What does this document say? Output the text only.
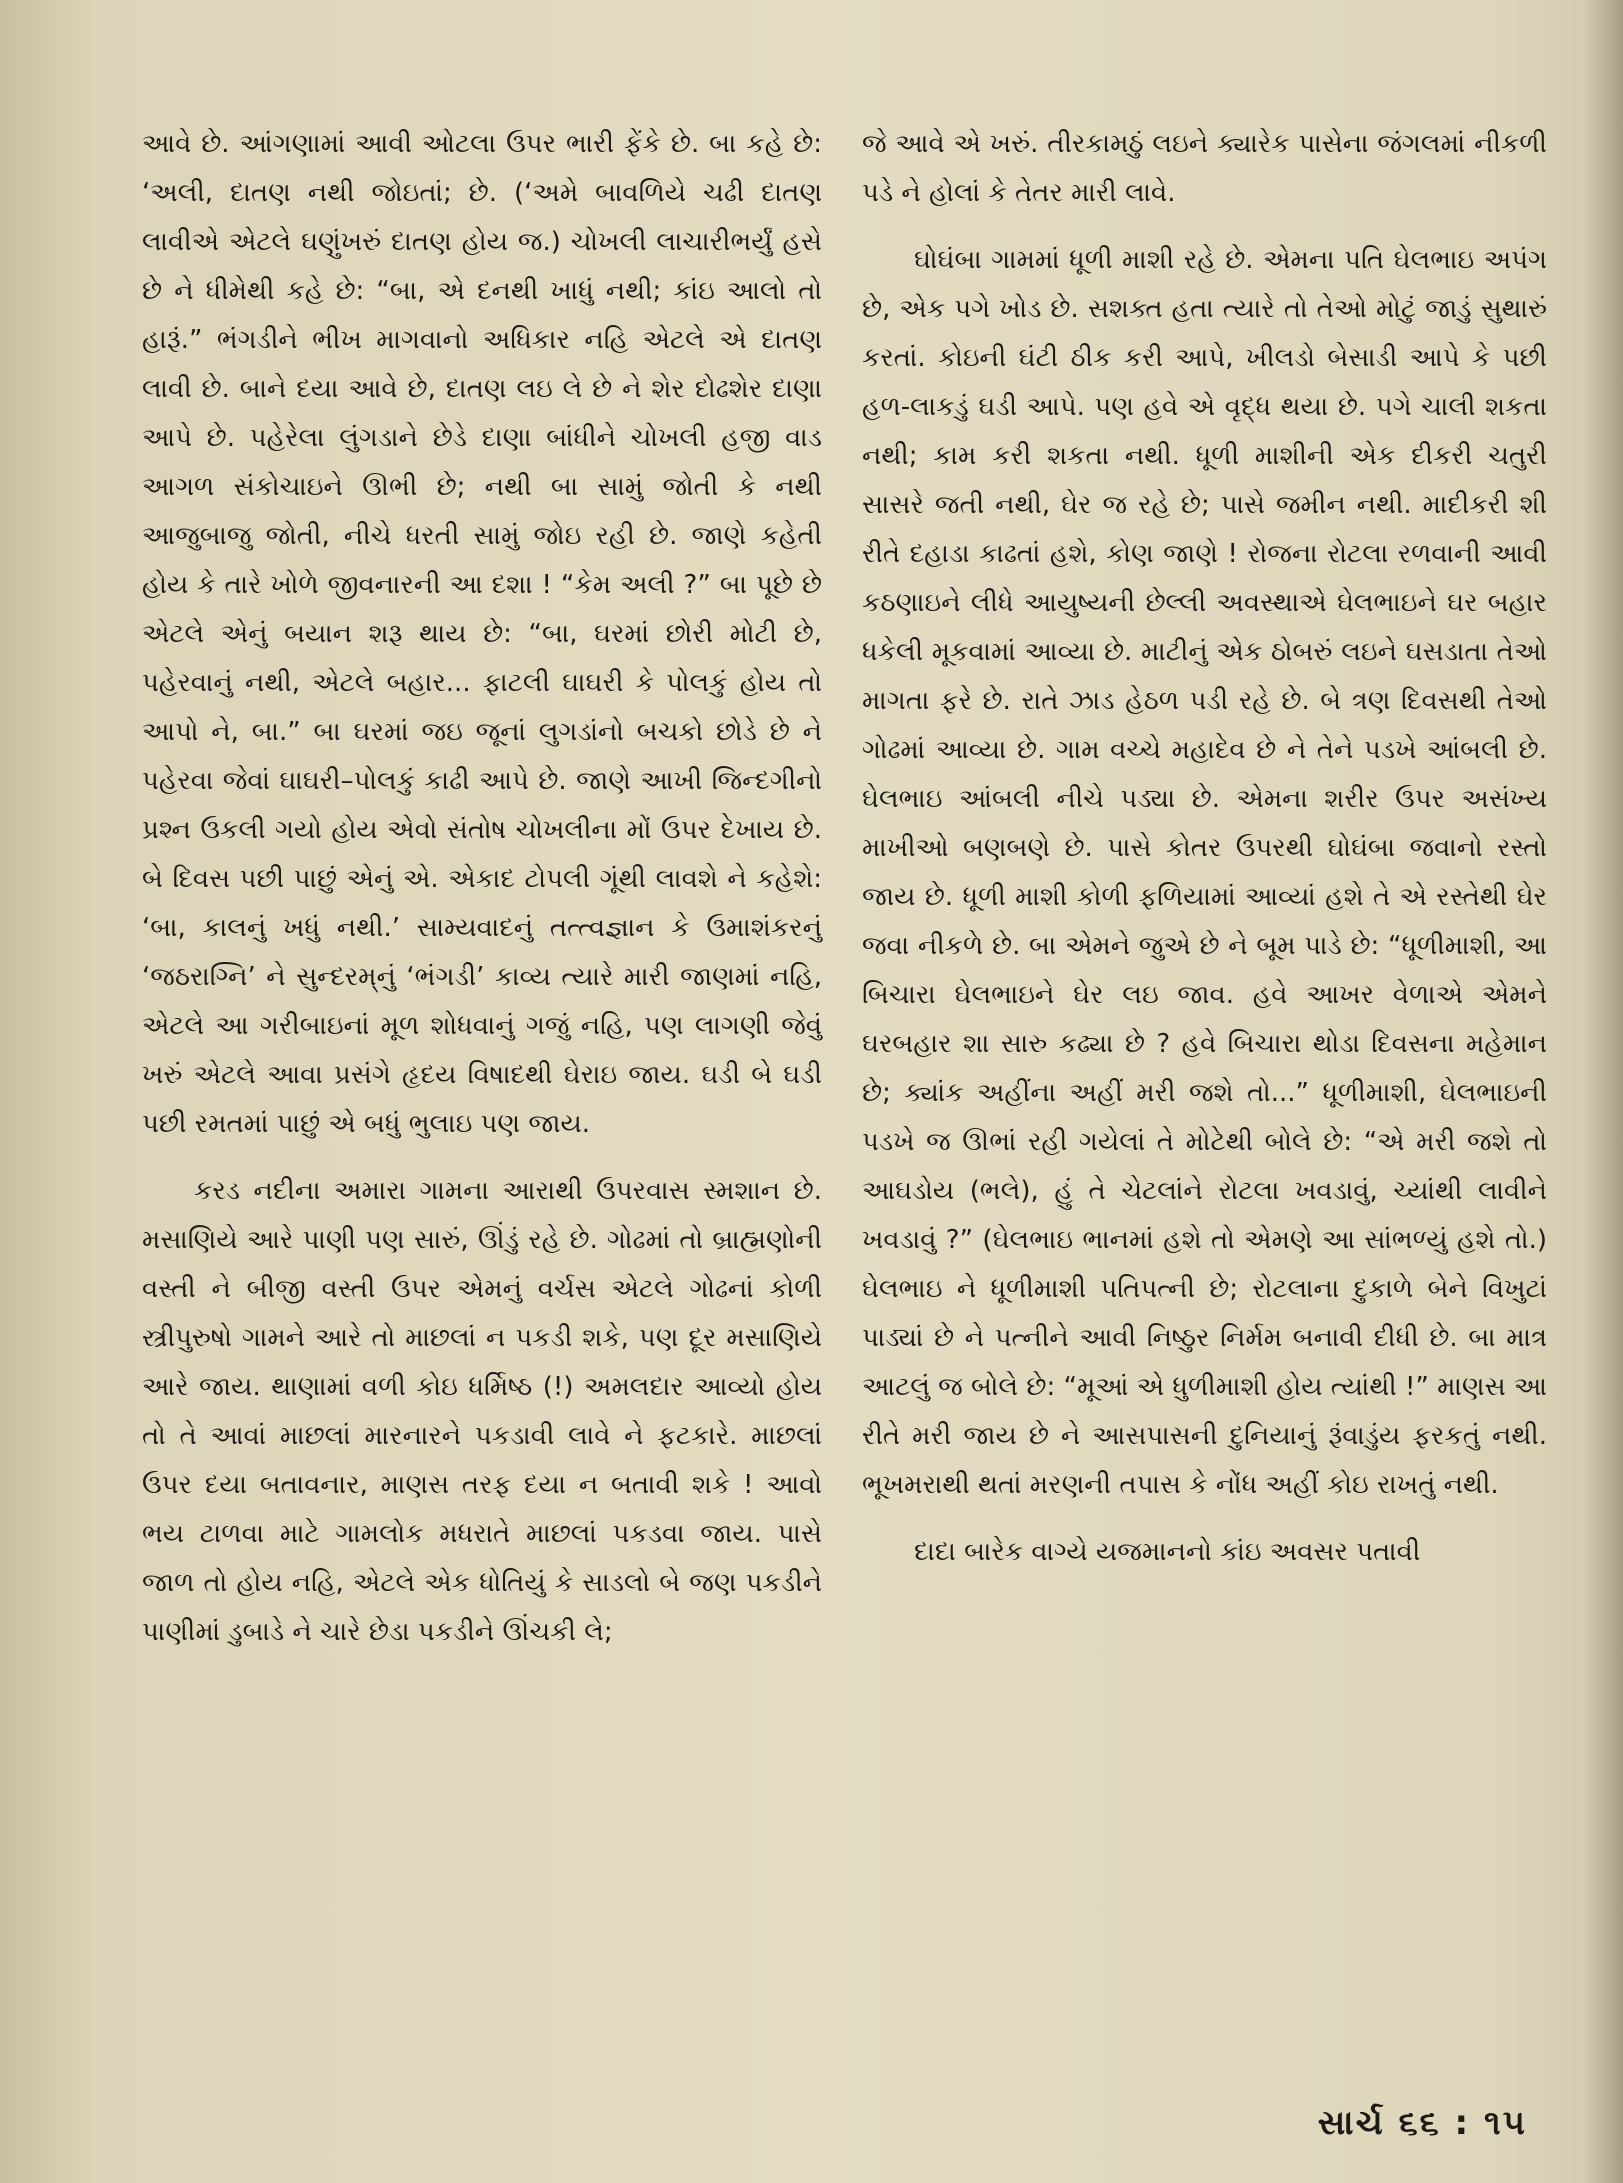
આવે છે. આંગણામાં આવી ઓટલા ઉપર ભારી ફેંકે છે. બા કહે છે: ‘અલી, દાતણ નથી જોઇતાં; છે. (‘અમે બાવળિયે ચઢી દાતણ લાવીએ એટલે ઘણુંખરું દાતણ હોય જ.) ચોખલી લાચારીભર્યું હસે છે ને ધીમેથી કહે છે: “બા, એ દનથી ખાધું નથી; કાંઇ આલો તો હારૂં.” ભંગડીને ભીખ માગવાનો અધિકાર નહિ એટલે એ દાતણ લાવી છે. બાને દયા આવે છે, દાતણ લઇ લે છે ને શેર દોઢશેર દાણા આપે છે. પહેરેલા લુંગડાને છેડે દાણા બાંધીને ચોખલી હજી વાડ આગળ સંકોચાઇને ઊભી છે; નથી બા સામું જોતી કે નથી આજુબાજુ જોતી, નીચે ધરતી સામું જોઇ રહી છે. જાણે કહેતી હોય કે તારે ખોળે જીવનારની આ દશા ! “કેમ અલી ?” બા પૂછે છે એટલે એનું બયાન શરૂ થાય છે: “બા, ઘરમાં છોરી મોટી છે, પહેરવાનું નથી, એટલે બહાર... ફાટલી ઘાઘરી કે પોલકું હોય તો આપો ને, બા.” બા ઘરમાં જઇ જૂનાં લુગડાંનો બચકો છોડે છે ને પહેરવા જેવાં ઘાઘરી–પોલકું કાઢી આપે છે. જાણે આખી જિન્દગીનો પ્રશ્ન ઉકલી ગયો હોય એવો સંતોષ ચોખલીના મોં ઉપર દેખાય છે. બે દિવસ પછી પાછું એનું એ. એકાદ ટોપલી ગૂંથી લાવશે ને કહેશે: ‘બા, કાલનું ખધું નથી.’ સામ્યવાદનું તત્ત્વજ્ઞાન કે ઉમાશંકરનું ‘જઠરાગ્નિ’ ને સુન્દરમ્‌નું ‘ભંગડી’ કાવ્ય ત્યારે મારી જાણમાં નહિ, એટલે આ ગરીબાઇનાં મૂળ શોધવાનું ગજું નહિ, પણ લાગણી જેવું ખરું એટલે આવા પ્રસંગે હૃદય વિષાદથી ઘેરાઇ જાય. ઘડી બે ઘડી પછી રમતમાં પાછું એ બધું ભુલાઇ પણ જાય.

કરડ નદીના અમારા ગામના આરાથી ઉપરવાસ સ્મશાન છે. મસાણિયે આરે પાણી પણ સારું, ઊંડું રહે છે. ગોઢમાં તો બ્રાહ્મણોની વસ્તી ને બીજી વસ્તી ઉપર એમનું વર્ચસ એટલે ગોઢનાં કોળી સ્ત્રીપુરુષો ગામને આરે તો માછલાં ન પકડી શકે, પણ દૂર મસાણિયે આરે જાય. થાણામાં વળી કોઇ ધર્મિષ્ઠ (!) અમલદાર આવ્યો હોય તો તે આવાં માછલાં મારનારને પકડાવી લાવે ને ફટકારે. માછલાં ઉપર દયા બતાવનાર, માણસ તરફ દયા ન બતાવી શકે ! આવો ભય ટાળવા માટે ગામલોક મધરાતે માછલાં પકડવા જાય. પાસે જાળ તો હોય નહિ, એટલે એક ધોતિયું કે સાડલો બે જણ પકડીને પાણીમાં ડુબાડે ને ચારે છેડા પકડીને ઊંચકી લે;

જે આવે એ ખરું. તીરકામઠું લઇને ક્યારેક પાસેના જંગલમાં નીકળી પડે ને હોલાં કે તેતર મારી લાવે.

ઘોઘંબા ગામમાં ધૂળી માશી રહે છે. એમના પતિ ઘેલભાઇ અપંગ છે, એક પગે ખોડ છે. સશક્ત હતા ત્યારે તો તેઓ મોટું જાડું સુથારું કરતાં. કોઇની ઘંટી ઠીક કરી આપે, ખીલડો બેસાડી આપે કે પછી હળ-લાકડું ઘડી આપે. પણ હવે એ વૃદ્ધ થયા છે. પગે ચાલી શકતા નથી; કામ કરી શકતા નથી. ધૂળી માશીની એક દીકરી ચતુરી સાસરે જતી નથી, ઘેર જ રહે છે; પાસે જમીન નથી. માદીકરી શી રીતે દહાડા કાઢતાં હશે, કોણ જાણે ! રોજના રોટલા રળવાની આવી કઠણાઇને લીધે આયુષ્યની છેલ્લી અવસ્થાએ ઘેલભાઇને ઘર બહાર ધકેલી મૂકવામાં આવ્યા છે. માટીનું એક ઠોબરું લઇને ઘસડાતા તેઓ માગતા ફરે છે. રાતે ઝાડ હેઠળ પડી રહે છે. બે ત્રણ દિવસથી તેઓ ગોઢમાં આવ્યા છે. ગામ વચ્ચે મહાદેવ છે ને તેને પડખે આંબલી છે. ઘેલભાઇ આંબલી નીચે પડ્યા છે. એમના શરીર ઉપર અસંખ્ય માખીઓ બણબણે છે. પાસે કોતર ઉપરથી ઘોઘંબા જવાનો રસ્તો જાય છે. ધૂળી માશી કોળી ફળિયામાં આવ્યાં હશે તે એ રસ્તેથી ઘેર જવા નીકળે છે. બા એમને જુએ છે ને બૂમ પાડે છે: “ધૂળીમાશી, આ બિચારા ઘેલભાઇને ઘેર લઇ જાવ. હવે આખર વેળાએ એમને ઘરબહાર શા સારુ કઢ્યા છે ? હવે બિચારા થોડા દિવસના મહેમાન છે; ક્યાંક અહીંના અહીં મરી જશે તો...” ધૂળીમાશી, ઘેલભાઇની પડખે જ ઊભાં રહી ગયેલાં તે મોટેથી બોલે છે: “એ મરી જશે તો આઘડોય (ભલે), હું તે ચેટલાંને રોટલા ખવડાવું, ચ્યાંથી લાવીને ખવડાવું ?” (ઘેલભાઇ ભાનમાં હશે તો એમણે આ સાંભળ્યું હશે તો.) ઘેલભાઇ ને ધૂળીમાશી પતિપત્ની છે; રોટલાના દુકાળે બેને વિખુટાં પાડ્યાં છે ને પત્નીને આવી નિષ્ઠુર નિર્મમ બનાવી દીધી છે. બા માત્ર આટલું જ બોલે છે: “મૂઆં એ ધુળીમાશી હોય ત્યાંથી !” માણસ આ રીતે મરી જાય છે ને આસપાસની દુનિયાનું રૂંવાડુંય ફરકતું નથી. ભૂખમરાથી થતાં મરણની તપાસ કે નોંધ અહીં કોઇ રાખતું નથી.

દાદા બારેક વાગ્યે યજમાનનો કાંઇ અવસર પતાવી

સાર્ચ ૬૬ : ૧૫
